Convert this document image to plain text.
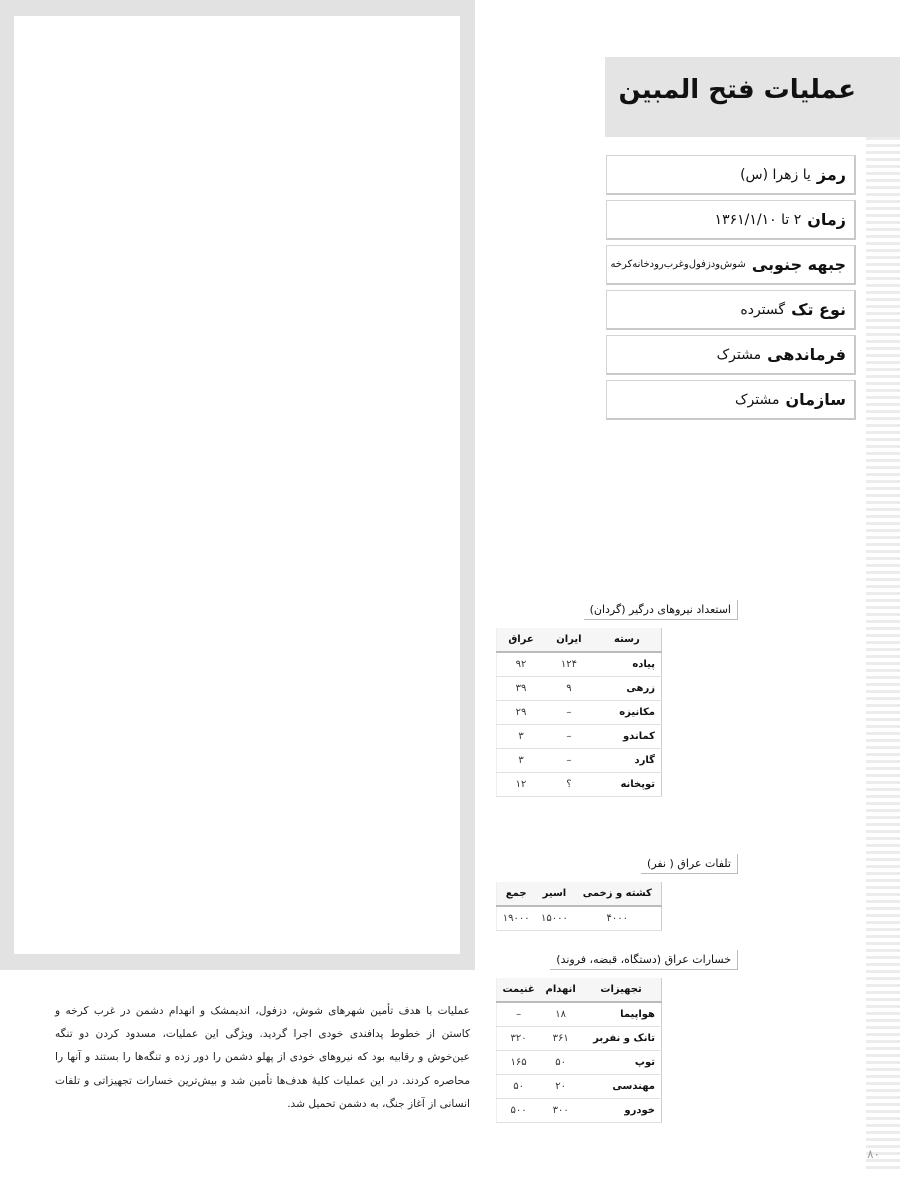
عملیات فتح المبین
رمز
یا زهرا (س)
زمان
۲ تا ۱۳۶۱/۱/۱۰
جبهه جنوبی
شوش‌ودزفول‌وغرب‌رودخانه‌کرخه
نوع تک
گسترده
فرماندهی
مشترک
سازمان
مشترک
استعداد نیروهای درگیر (گردان)
رسته	ایران	عراق
پیاده	۱۲۴	۹۲
زرهی	۹	۳۹
مکانیزه	–	۲۹
کماندو	–	۳
گارد	–	۳
توپخانه	؟	۱۲
تلفات عراق ( نفر)
کشته و زخمی	اسیر	جمع
۴۰۰۰	۱۵۰۰۰	۱۹۰۰۰
خسارات عراق (دستگاه، قبضه، فروند)
تجهیزات	انهدام	غنیمت
هواپیما	۱۸	–
تانک و نفربر	۳۶۱	۳۲۰
توپ	۵۰	۱۶۵
مهندسی	۲۰	۵۰
خودرو	۳۰۰	۵۰۰
عملیات با هدف تأمین شهرهای شوش، دزفول، اندیمشک و انهدام دشمن در غرب کرخه و کاستن از خطوط پدافندی خودی اجرا گردید. ویژگی این عملیات، مسدود کردن دو تنگه عین‌خوش و رقابیه بود که نیروهای خودی از پهلو دشمن را دور زده و تنگه‌ها را بستند و آنها را محاصره کردند. در این عملیات کلیهٔ هدف‌ها تأمین شد و بیش‌ترین خسارات تجهیزاتی و تلفات انسانی از آغاز جنگ، به دشمن تحمیل شد.
۸۰
